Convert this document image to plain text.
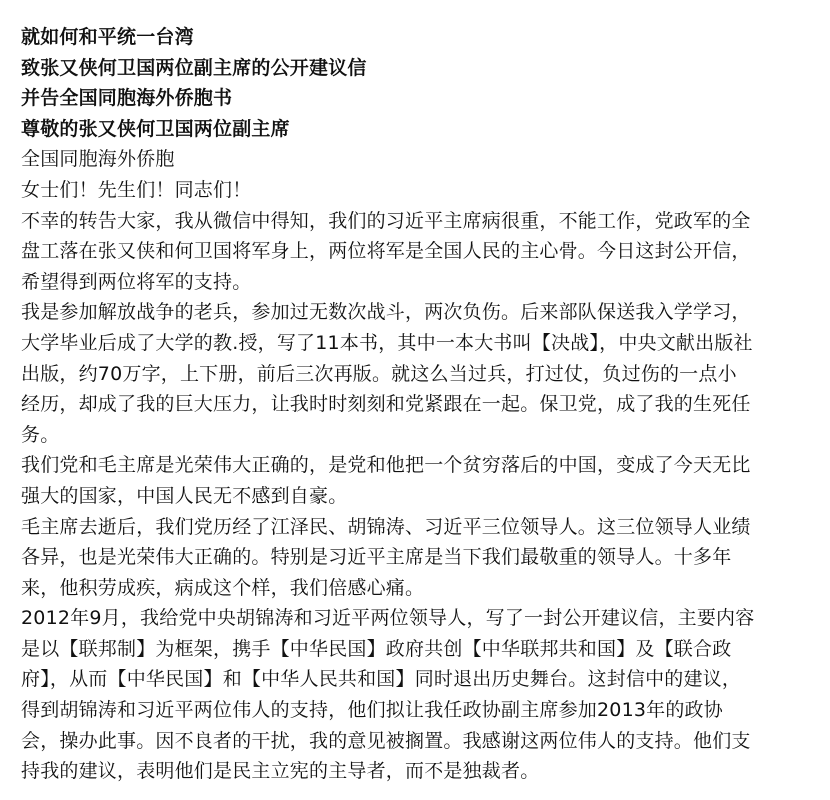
就如何和平统一台湾
致张又侠何卫国两位副主席的公开建议信
并告全国同胞海外侨胞书
尊敬的张又侠何卫国两位副主席
全国同胞海外侨胞
女士们！先生们！同志们！
不幸的转告大家，我从微信中得知，我们的习近平主席病很重，不能工作，党政军的全
盘工落在张又侠和何卫国将军身上，两位将军是全国人民的主心骨。今日这封公开信，
希望得到两位将军的支持。
我是参加解放战争的老兵，参加过无数次战斗，两次负伤。后来部队保送我入学学习，
大学毕业后成了大学的教.授，写了11本书，其中一本大书叫【决战】，中央文献出版社
出版，约70万字，上下册，前后三次再版。就这么当过兵，打过仗，负过伤的一点小
经历，却成了我的巨大压力，让我时时刻刻和党紧跟在一起。保卫党，成了我的生死任
务。
我们党和毛主席是光荣伟大正确的，是党和他把一个贫穷落后的中国，变成了今天无比
强大的国家，中国人民无不感到自豪。
毛主席去逝后，我们党历经了江泽民、胡锦涛、习近平三位领导人。这三位领导人业绩
各异，也是光荣伟大正确的。特别是习近平主席是当下我们最敬重的领导人。十多年
来，他积劳成疾，病成这个样，我们倍感心痛。
2012年9月，我给党中央胡锦涛和习近平两位领导人，写了一封公开建议信，主要内容
是以【联邦制】为框架，携手【中华民国】政府共创【中华联邦共和国】及【联合政
府】，从而【中华民国】和【中华人民共和国】同时退出历史舞台。这封信中的建议，
得到胡锦涛和习近平两位伟人的支持，他们拟让我任政协副主席参加2013年的政协
会，操办此事。因不良者的干扰，我的意见被搁置。我感谢这两位伟人的支持。他们支
持我的建议，表明他们是民主立宪的主导者，而不是独裁者。
